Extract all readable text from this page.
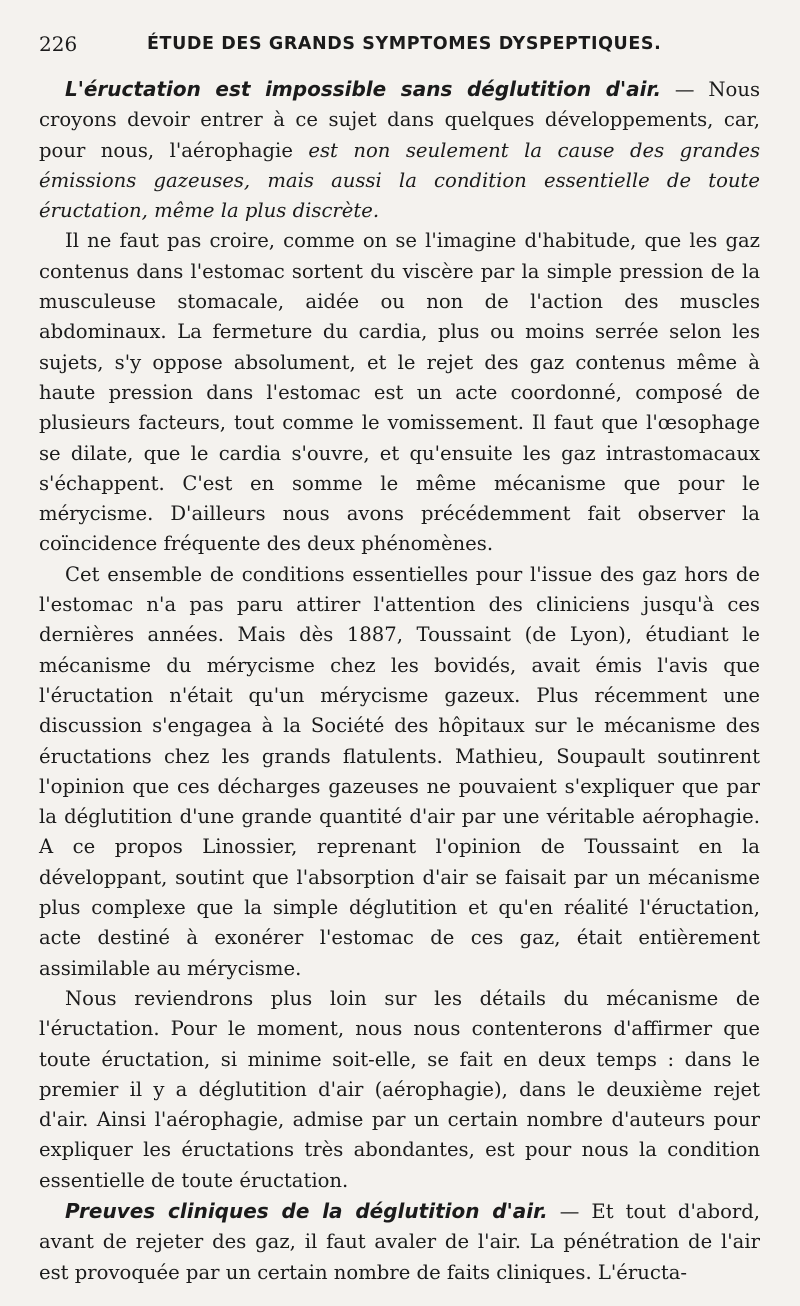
226	ÉTUDE DES GRANDS SYMPTOMES DYSPEPTIQUES.

L'éructation est impossible sans déglutition d'air. — Nous croyons devoir entrer à ce sujet dans quelques développements, car, pour nous, l'aérophagie est non seulement la cause des grandes émissions gazeuses, mais aussi la condition essentielle de toute éructation, même la plus discrète.

Il ne faut pas croire, comme on se l'imagine d'habitude, que les gaz contenus dans l'estomac sortent du viscère par la simple pression de la musculeuse stomacale, aidée ou non de l'action des muscles abdominaux. La fermeture du cardia, plus ou moins serrée selon les sujets, s'y oppose absolument, et le rejet des gaz contenus même à haute pression dans l'estomac est un acte coordonné, composé de plusieurs facteurs, tout comme le vomissement. Il faut que l'œsophage se dilate, que le cardia s'ouvre, et qu'ensuite les gaz intrastomacaux s'échappent. C'est en somme le même mécanisme que pour le mérycisme. D'ailleurs nous avons précédemment fait observer la coïncidence fréquente des deux phénomènes.

Cet ensemble de conditions essentielles pour l'issue des gaz hors de l'estomac n'a pas paru attirer l'attention des cliniciens jusqu'à ces dernières années. Mais dès 1887, Toussaint (de Lyon), étudiant le mécanisme du mérycisme chez les bovidés, avait émis l'avis que l'éructation n'était qu'un mérycisme gazeux. Plus récemment une discussion s'engagea à la Société des hôpitaux sur le mécanisme des éructations chez les grands flatulents. Mathieu, Soupault soutinrent l'opinion que ces décharges gazeuses ne pouvaient s'expliquer que par la déglutition d'une grande quantité d'air par une véritable aérophagie. A ce propos Linossier, reprenant l'opinion de Toussaint en la développant, soutint que l'absorption d'air se faisait par un mécanisme plus complexe que la simple déglutition et qu'en réalité l'éructation, acte destiné à exonérer l'estomac de ces gaz, était entièrement assimilable au mérycisme.

Nous reviendrons plus loin sur les détails du mécanisme de l'éructation. Pour le moment, nous nous contenterons d'affirmer que toute éructation, si minime soit-elle, se fait en deux temps : dans le premier il y a déglutition d'air (aérophagie), dans le deuxième rejet d'air. Ainsi l'aérophagie, admise par un certain nombre d'auteurs pour expliquer les éructations très abondantes, est pour nous la condition essentielle de toute éructation.

Preuves cliniques de la déglutition d'air. — Et tout d'abord, avant de rejeter des gaz, il faut avaler de l'air. La pénétration de l'air est provoquée par un certain nombre de faits cliniques. L'éructa-
